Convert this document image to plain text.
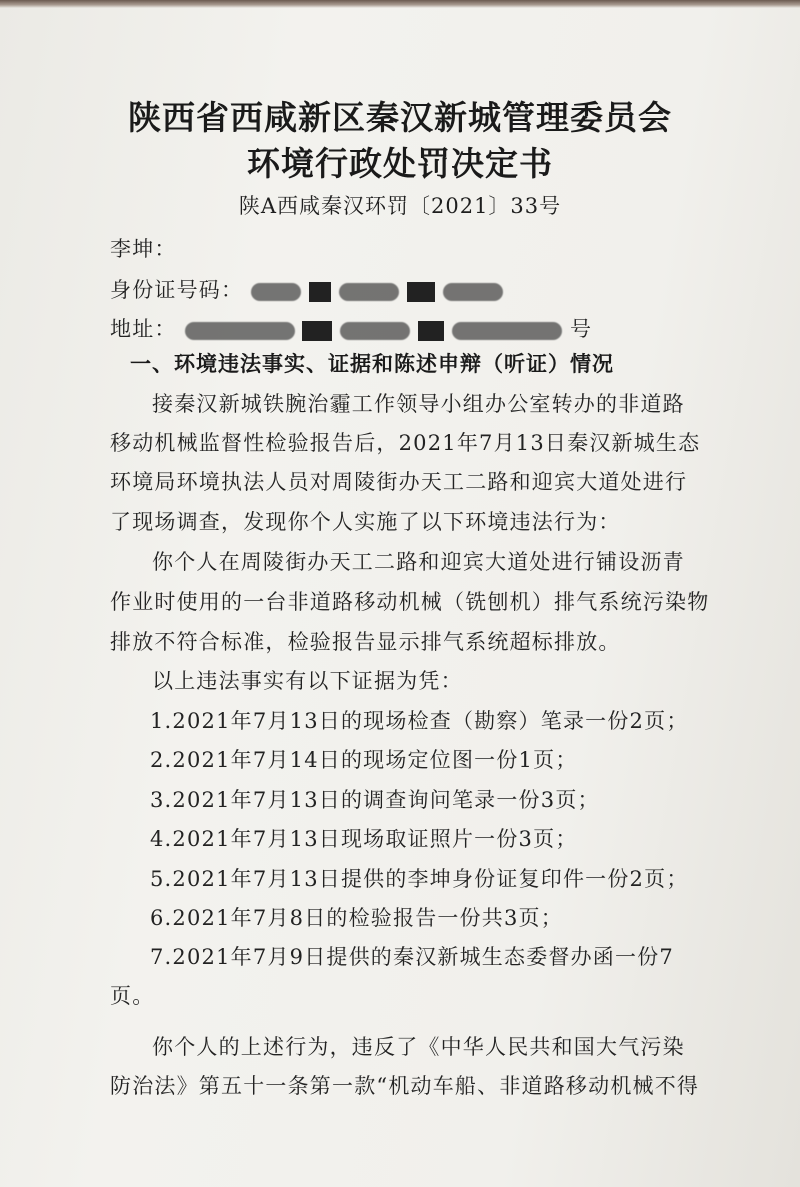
陕西省西咸新区秦汉新城管理委员会
环境行政处罚决定书
陕A西咸秦汉环罚〔2021〕33号
李坤：
身份证号码：
地址：	号
一、环境违法事实、证据和陈述申辩（听证）情况
接秦汉新城铁腕治霾工作领导小组办公室转办的非道路
移动机械监督性检验报告后，2021年7月13日秦汉新城生态
环境局环境执法人员对周陵街办天工二路和迎宾大道处进行
了现场调查，发现你个人实施了以下环境违法行为：
你个人在周陵街办天工二路和迎宾大道处进行铺设沥青
作业时使用的一台非道路移动机械（铣刨机）排气系统污染物
排放不符合标准，检验报告显示排气系统超标排放。
以上违法事实有以下证据为凭：
1.2021年7月13日的现场检查（勘察）笔录一份2页；
2.2021年7月14日的现场定位图一份1页；
3.2021年7月13日的调查询问笔录一份3页；
4.2021年7月13日现场取证照片一份3页；
5.2021年7月13日提供的李坤身份证复印件一份2页；
6.2021年7月8日的检验报告一份共3页；
7.2021年7月9日提供的秦汉新城生态委督办函一份7
页。
你个人的上述行为，违反了《中华人民共和国大气污染
防治法》第五十一条第一款“机动车船、非道路移动机械不得
